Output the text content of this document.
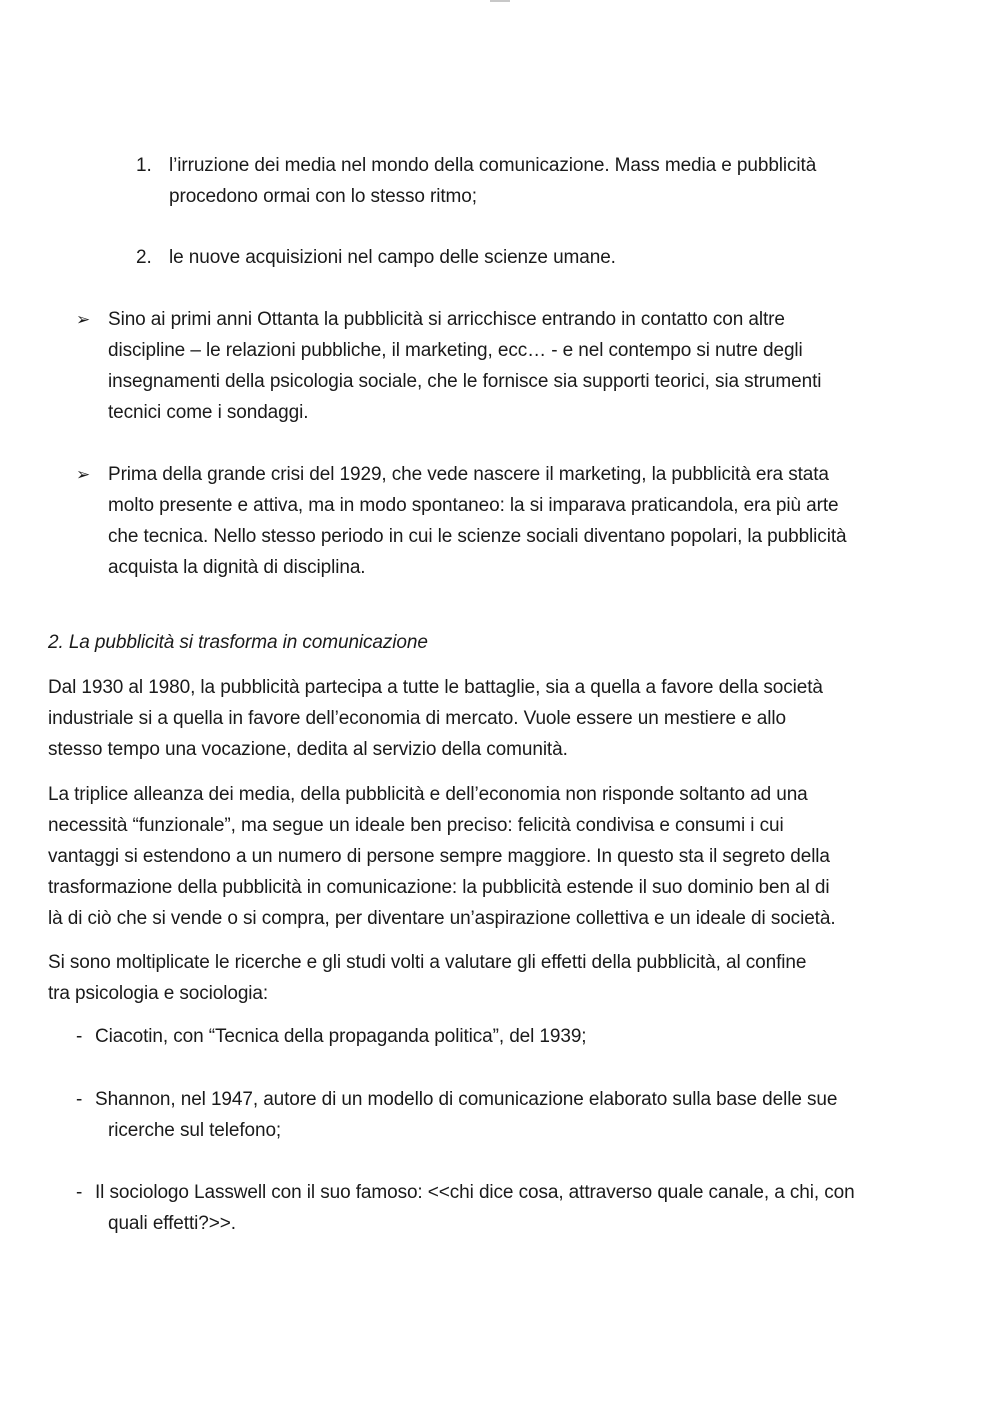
1. l’irruzione dei media nel mondo della comunicazione. Mass media e pubblicità
procedono ormai con lo stesso ritmo;
2. le nuove acquisizioni nel campo delle scienze umane.
➢ Sino ai primi anni Ottanta la pubblicità si arricchisce entrando in contatto con altre
discipline – le relazioni pubbliche, il marketing, ecc… - e nel contempo si nutre degli
insegnamenti della psicologia sociale, che le fornisce sia supporti teorici, sia strumenti
tecnici come i sondaggi.
➢ Prima della grande crisi del 1929, che vede nascere il marketing, la pubblicità era stata
molto presente e attiva, ma in modo spontaneo: la si imparava praticandola, era più arte
che tecnica. Nello stesso periodo in cui le scienze sociali diventano popolari, la pubblicità
acquista la dignità di disciplina.
2. La pubblicità si trasforma in comunicazione
Dal 1930 al 1980, la pubblicità partecipa a tutte le battaglie, sia a quella a favore della società
industriale si a quella in favore dell’economia di mercato. Vuole essere un mestiere e allo
stesso tempo una vocazione, dedita al servizio della comunità.
La triplice alleanza dei media, della pubblicità e dell’economia non risponde soltanto ad una
necessità “funzionale”, ma segue un ideale ben preciso: felicità condivisa e consumi i cui
vantaggi si estendono a un numero di persone sempre maggiore. In questo sta il segreto della
trasformazione della pubblicità in comunicazione: la pubblicità estende il suo dominio ben al di
là di ciò che si vende o si compra, per diventare un’aspirazione collettiva e un ideale di società.
Si sono moltiplicate le ricerche e gli studi volti a valutare gli effetti della pubblicità, al confine
tra psicologia e sociologia:
- Ciacotin, con “Tecnica della propaganda politica”, del 1939;
- Shannon, nel 1947, autore di un modello di comunicazione elaborato sulla base delle sue
ricerche sul telefono;
- Il sociologo Lasswell con il suo famoso: <<chi dice cosa, attraverso quale canale, a chi, con
quali effetti?>>.
